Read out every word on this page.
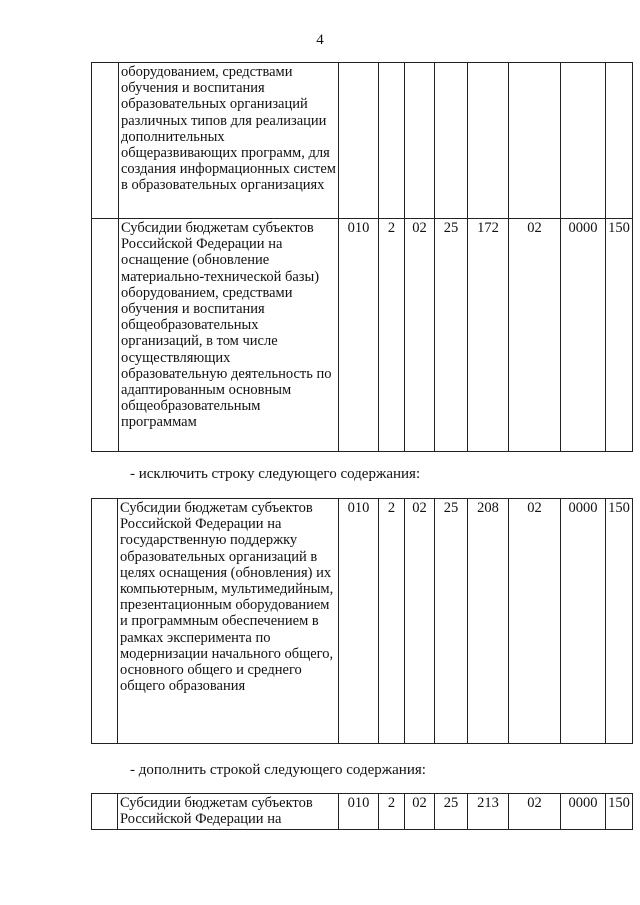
4
	оборудованием, средствами обучения и воспитания образовательных организаций различных типов для реализации дополнительных общеразвивающих программ, для создания информационных систем в образовательных организациях								
	Субсидии бюджетам субъектов Российской Федерации на оснащение (обновление материально-технической базы) оборудованием, средствами обучения и воспитания общеобразовательных организаций, в том числе осуществляющих образовательную деятельность по адаптированным основным общеобразовательным программам	010	2	02	25	172	02	0000	150
- исключить строку следующего содержания:
	Субсидии бюджетам субъектов Российской Федерации на государственную поддержку образовательных организаций в целях оснащения (обновления) их компьютерным, мультимедийным, презентационным оборудованием и программным обеспечением в рамках эксперимента по модернизации начального общего, основного общего и среднего общего образования	010	2	02	25	208	02	0000	150
- дополнить строкой следующего содержания:
	Субсидии бюджетам субъектов Российской Федерации на	010	2	02	25	213	02	0000	150
